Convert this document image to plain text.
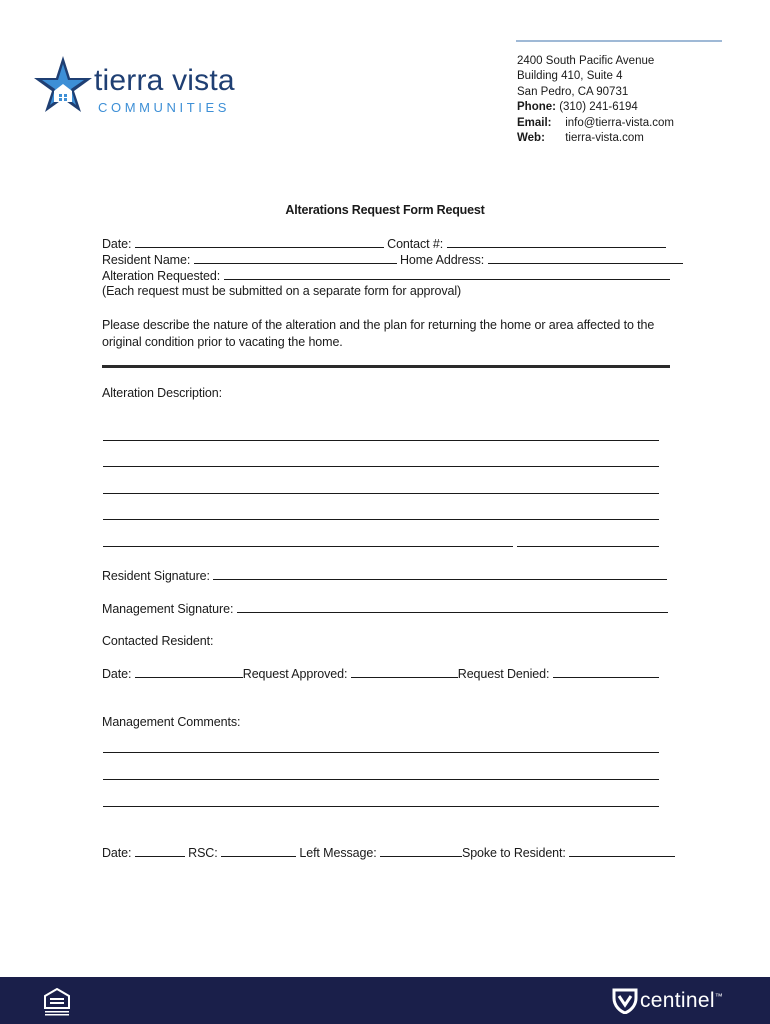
tierra vista
COMMUNITIES
2400 South Pacific Avenue
Building 410, Suite 4
San Pedro, CA 90731
Phone: (310) 241-6194
Email: info@tierra-vista.com
Web: tierra-vista.com
Alterations Request Form Request
Date:	Contact #:
Resident Name:	Home Address:
Alteration Requested:
(Each request must be submitted on a separate form for approval)
Please describe the nature of the alteration and the plan for returning the home or area affected to the original condition prior to vacating the home.
Alteration Description:
Resident Signature:
Management Signature:
Contacted Resident:
Date:	Request Approved:	Request Denied:
Management Comments:
Date:	RSC:	Left Message:	Spoke to Resident:
centinel™
